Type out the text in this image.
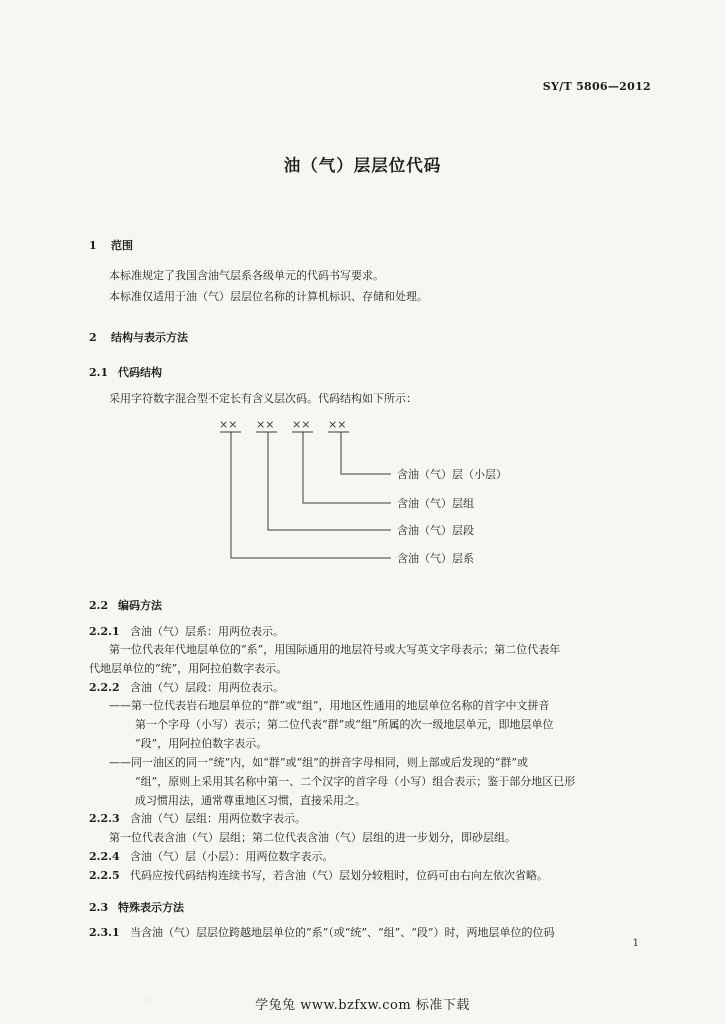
SY/T 5806—2012
油（气）层层位代码
1 范围
本标准规定了我国含油气层系各级单元的代码书写要求。
本标准仅适用于油（气）层层位名称的计算机标识、存储和处理。
2 结构与表示方法
2.1 代码结构
采用字符数字混合型不定长有含义层次码。代码结构如下所示：
×× ×× ×× ××
含油（气）层（小层）
含油（气）层组
含油（气）层段
含油（气）层系
2.2 编码方法
2.2.1 含油（气）层系：用两位表示。
第一位代表年代地层单位的“系”，用国际通用的地层符号或大写英文字母表示；第二位代表年
代地层单位的“统”，用阿拉伯数字表示。
2.2.2 含油（气）层段：用两位表示。
——第一位代表岩石地层单位的“群”或“组”，用地区性通用的地层单位名称的首字中文拼音
第一个字母（小写）表示；第二位代表“群”或“组”所属的次一级地层单元，即地层单位
“段”，用阿拉伯数字表示。
——同一油区的同一“统”内，如“群”或“组”的拼音字母相同，则上部或后发现的“群”或
“组”，原则上采用其名称中第一、二个汉字的首字母（小写）组合表示；鉴于部分地区已形
成习惯用法，通常尊重地区习惯，直接采用之。
2.2.3 含油（气）层组：用两位数字表示。
第一位代表含油（气）层组；第二位代表含油（气）层组的进一步划分，即砂层组。
2.2.4 含油（气）层（小层）：用两位数字表示。
2.2.5 代码应按代码结构连续书写，若含油（气）层划分较粗时，位码可由右向左依次省略。
2.3 特殊表示方法
2.3.1 当含油（气）层层位跨越地层单位的“系”（或“统”、“组”、“段”）时，两地层单位的位码
1
·	学兔兔 www.bzfxw.com 标准下载
